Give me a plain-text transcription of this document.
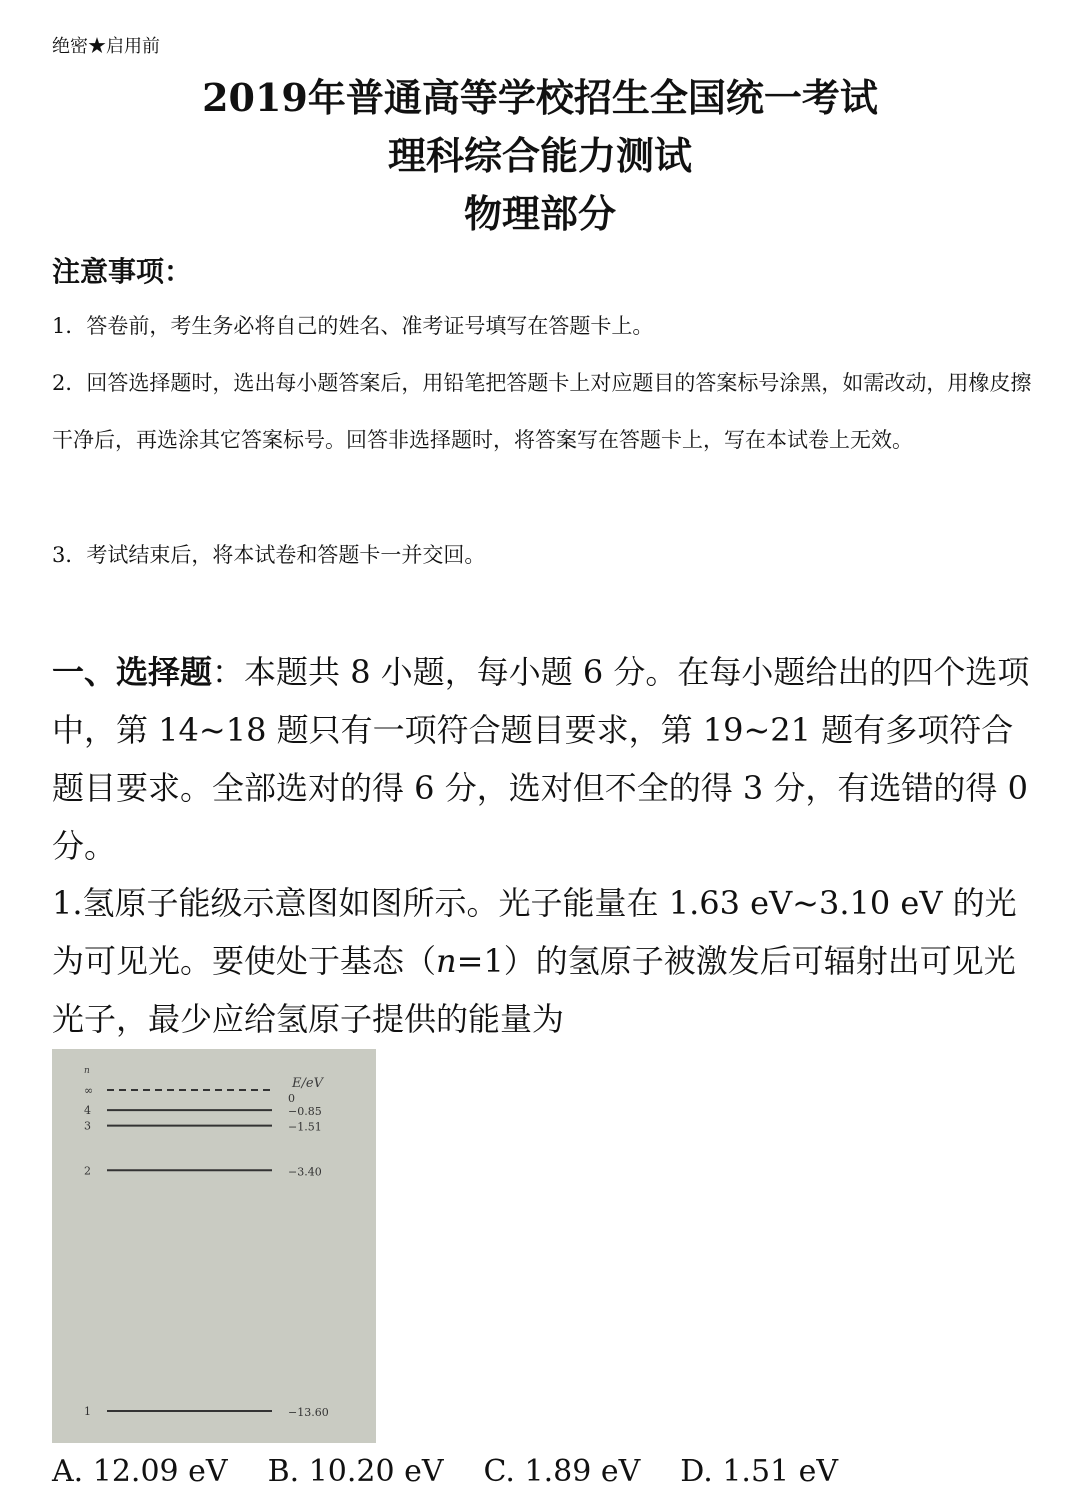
绝密★启用前
2019年普通高等学校招生全国统一考试
理科综合能力测试
物理部分
注意事项：
1．答卷前，考生务必将自己的姓名、准考证号填写在答题卡上。
2．回答选择题时，选出每小题答案后，用铅笔把答题卡上对应题目的答案标号涂黑，如需改动，用橡皮擦干净后，再选涂其它答案标号。回答非选择题时，将答案写在答题卡上，写在本试卷上无效。
3．考试结束后，将本试卷和答题卡一并交回。
一、选择题：本题共 8 小题，每小题 6 分。在每小题给出的四个选项中，第 14~18 题只有一项符合题目要求，第 19~21 题有多项符合题目要求。全部选对的得 6 分，选对但不全的得 3 分，有选错的得 0 分。
1.氢原子能级示意图如图所示。光子能量在 1.63 eV~3.10 eV 的光为可见光。要使处于基态（n=1）的氢原子被激发后可辐射出可见光光子，最少应给氢原子提供的能量为
n
E/eV
∞
0
4	−0.85
3	−1.51
2	−3.40
1	−13.60
A. 12.09 eV B. 10.20 eV C. 1.89 eV D. 1.51 eV
